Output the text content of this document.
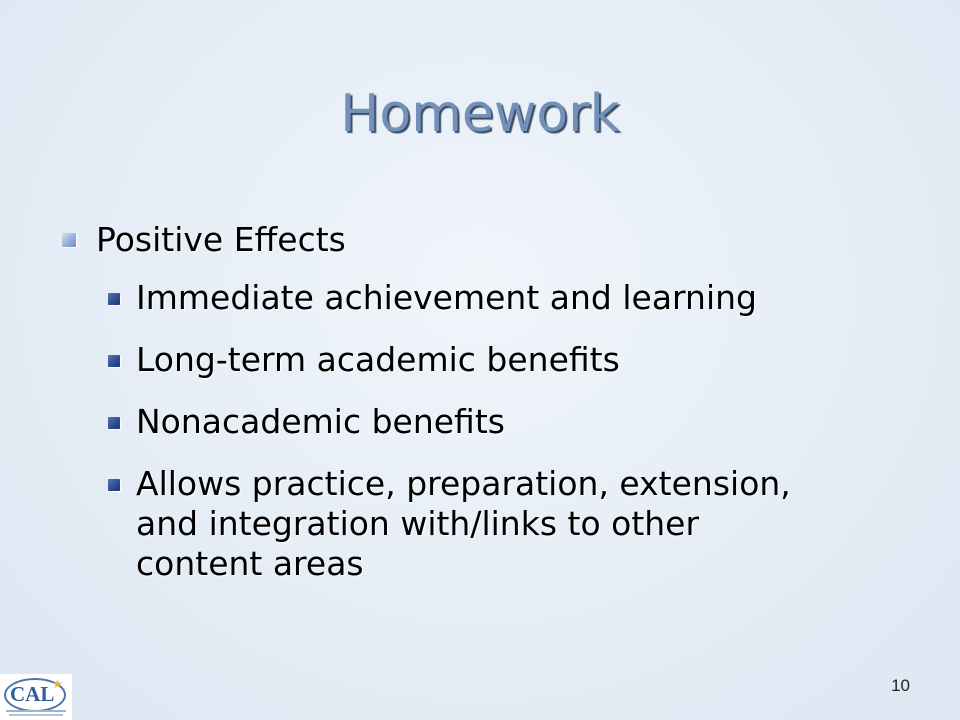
Homework
Positive Effects
Immediate achievement and learning
Long-term academic benefits
Nonacademic benefits
Allows practice, preparation, extension,
and integration with/links to other
content areas
CAL
★	10
